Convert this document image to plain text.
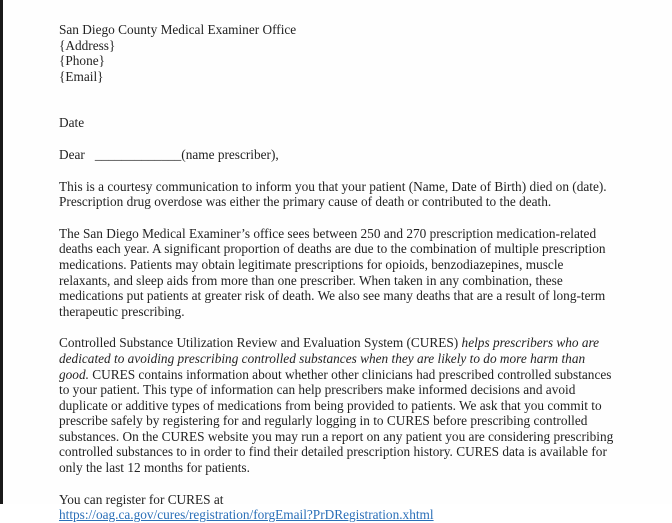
San Diego County Medical Examiner Office
{Address}
{Phone}
{Email}
Date
Dear _____________(name prescriber),

This is a courtesy communication to inform you that your patient (Name, Date of Birth) died on (date).
Prescription drug overdose was either the primary cause of death or contributed to the death.

The San Diego Medical Examiner’s office sees between 250 and 270 prescription medication-related
deaths each year. A significant proportion of deaths are due to the combination of multiple prescription
medications. Patients may obtain legitimate prescriptions for opioids, benzodiazepines, muscle
relaxants, and sleep aids from more than one prescriber. When taken in any combination, these
medications put patients at greater risk of death. We also see many deaths that are a result of long-term
therapeutic prescribing.

Controlled Substance Utilization Review and Evaluation System (CURES) helps prescribers who are
dedicated to avoiding prescribing controlled substances when they are likely to do more harm than
good. CURES contains information about whether other clinicians had prescribed controlled substances
to your patient. This type of information can help prescribers make informed decisions and avoid
duplicate or additive types of medications from being provided to patients. We ask that you commit to
prescribe safely by registering for and regularly logging in to CURES before prescribing controlled
substances. On the CURES website you may run a report on any patient you are considering prescribing
controlled substances to in order to find their detailed prescription history. CURES data is available for
only the last 12 months for patients.

You can register for CURES at
https://oag.ca.gov/cures/registration/forgEmail?PrDRegistration.xhtml
